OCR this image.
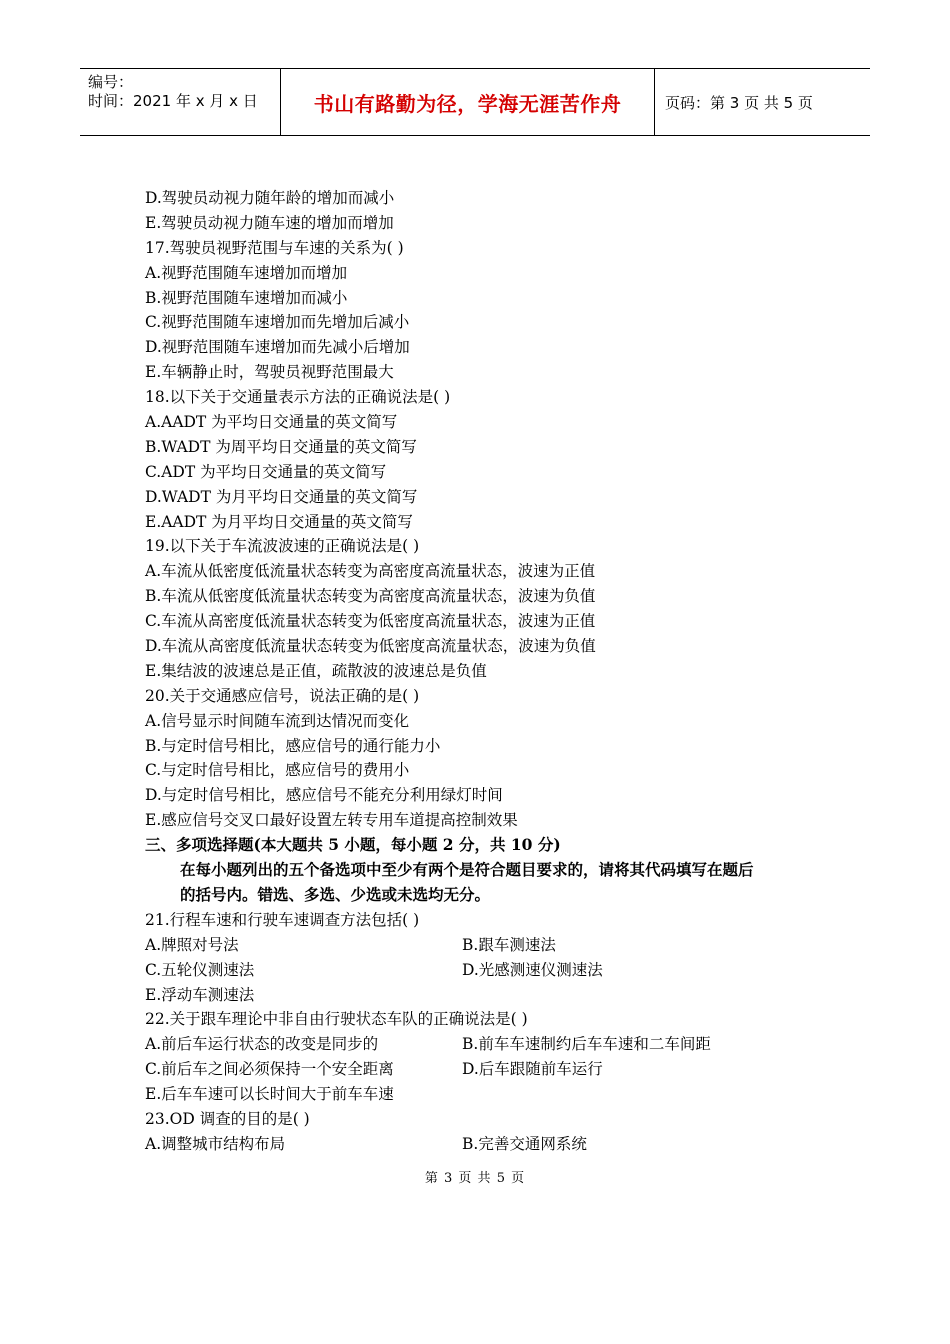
编号：
时间：2021 年 x 月 x 日	书山有路勤为径，学海无涯苦作舟	页码：第 3 页 共 5 页
D.驾驶员动视力随年龄的增加而减小
E.驾驶员动视力随车速的增加而增加
17.驾驶员视野范围与车速的关系为( )
A.视野范围随车速增加而增加
B.视野范围随车速增加而减小
C.视野范围随车速增加而先增加后减小
D.视野范围随车速增加而先减小后增加
E.车辆静止时，驾驶员视野范围最大
18.以下关于交通量表示方法的正确说法是( )
A.AADT 为平均日交通量的英文简写
B.WADT 为周平均日交通量的英文简写
C.ADT 为平均日交通量的英文简写
D.WADT 为月平均日交通量的英文简写
E.AADT 为月平均日交通量的英文简写
19.以下关于车流波波速的正确说法是( )
A.车流从低密度低流量状态转变为高密度高流量状态，波速为正值
B.车流从低密度低流量状态转变为高密度高流量状态，波速为负值
C.车流从高密度低流量状态转变为低密度高流量状态，波速为正值
D.车流从高密度低流量状态转变为低密度高流量状态，波速为负值
E.集结波的波速总是正值，疏散波的波速总是负值
20.关于交通感应信号，说法正确的是( )
A.信号显示时间随车流到达情况而变化
B.与定时信号相比，感应信号的通行能力小
C.与定时信号相比，感应信号的费用小
D.与定时信号相比，感应信号不能充分利用绿灯时间
E.感应信号交叉口最好设置左转专用车道提高控制效果
三、多项选择题(本大题共 5 小题，每小题 2 分，共 10 分)
在每小题列出的五个备选项中至少有两个是符合题目要求的，请将其代码填写在题后
的括号内。错选、多选、少选或未选均无分。
21.行程车速和行驶车速调查方法包括( )
A.牌照对号法	B.跟车测速法
C.五轮仪测速法	D.光感测速仪测速法
E.浮动车测速法
22.关于跟车理论中非自由行驶状态车队的正确说法是( )
A.前后车运行状态的改变是同步的	B.前车车速制约后车车速和二车间距
C.前后车之间必须保持一个安全距离	D.后车跟随前车运行
E.后车车速可以长时间大于前车车速
23.OD 调查的目的是( )
A.调整城市结构布局	B.完善交通网系统
第 3 页 共 5 页
